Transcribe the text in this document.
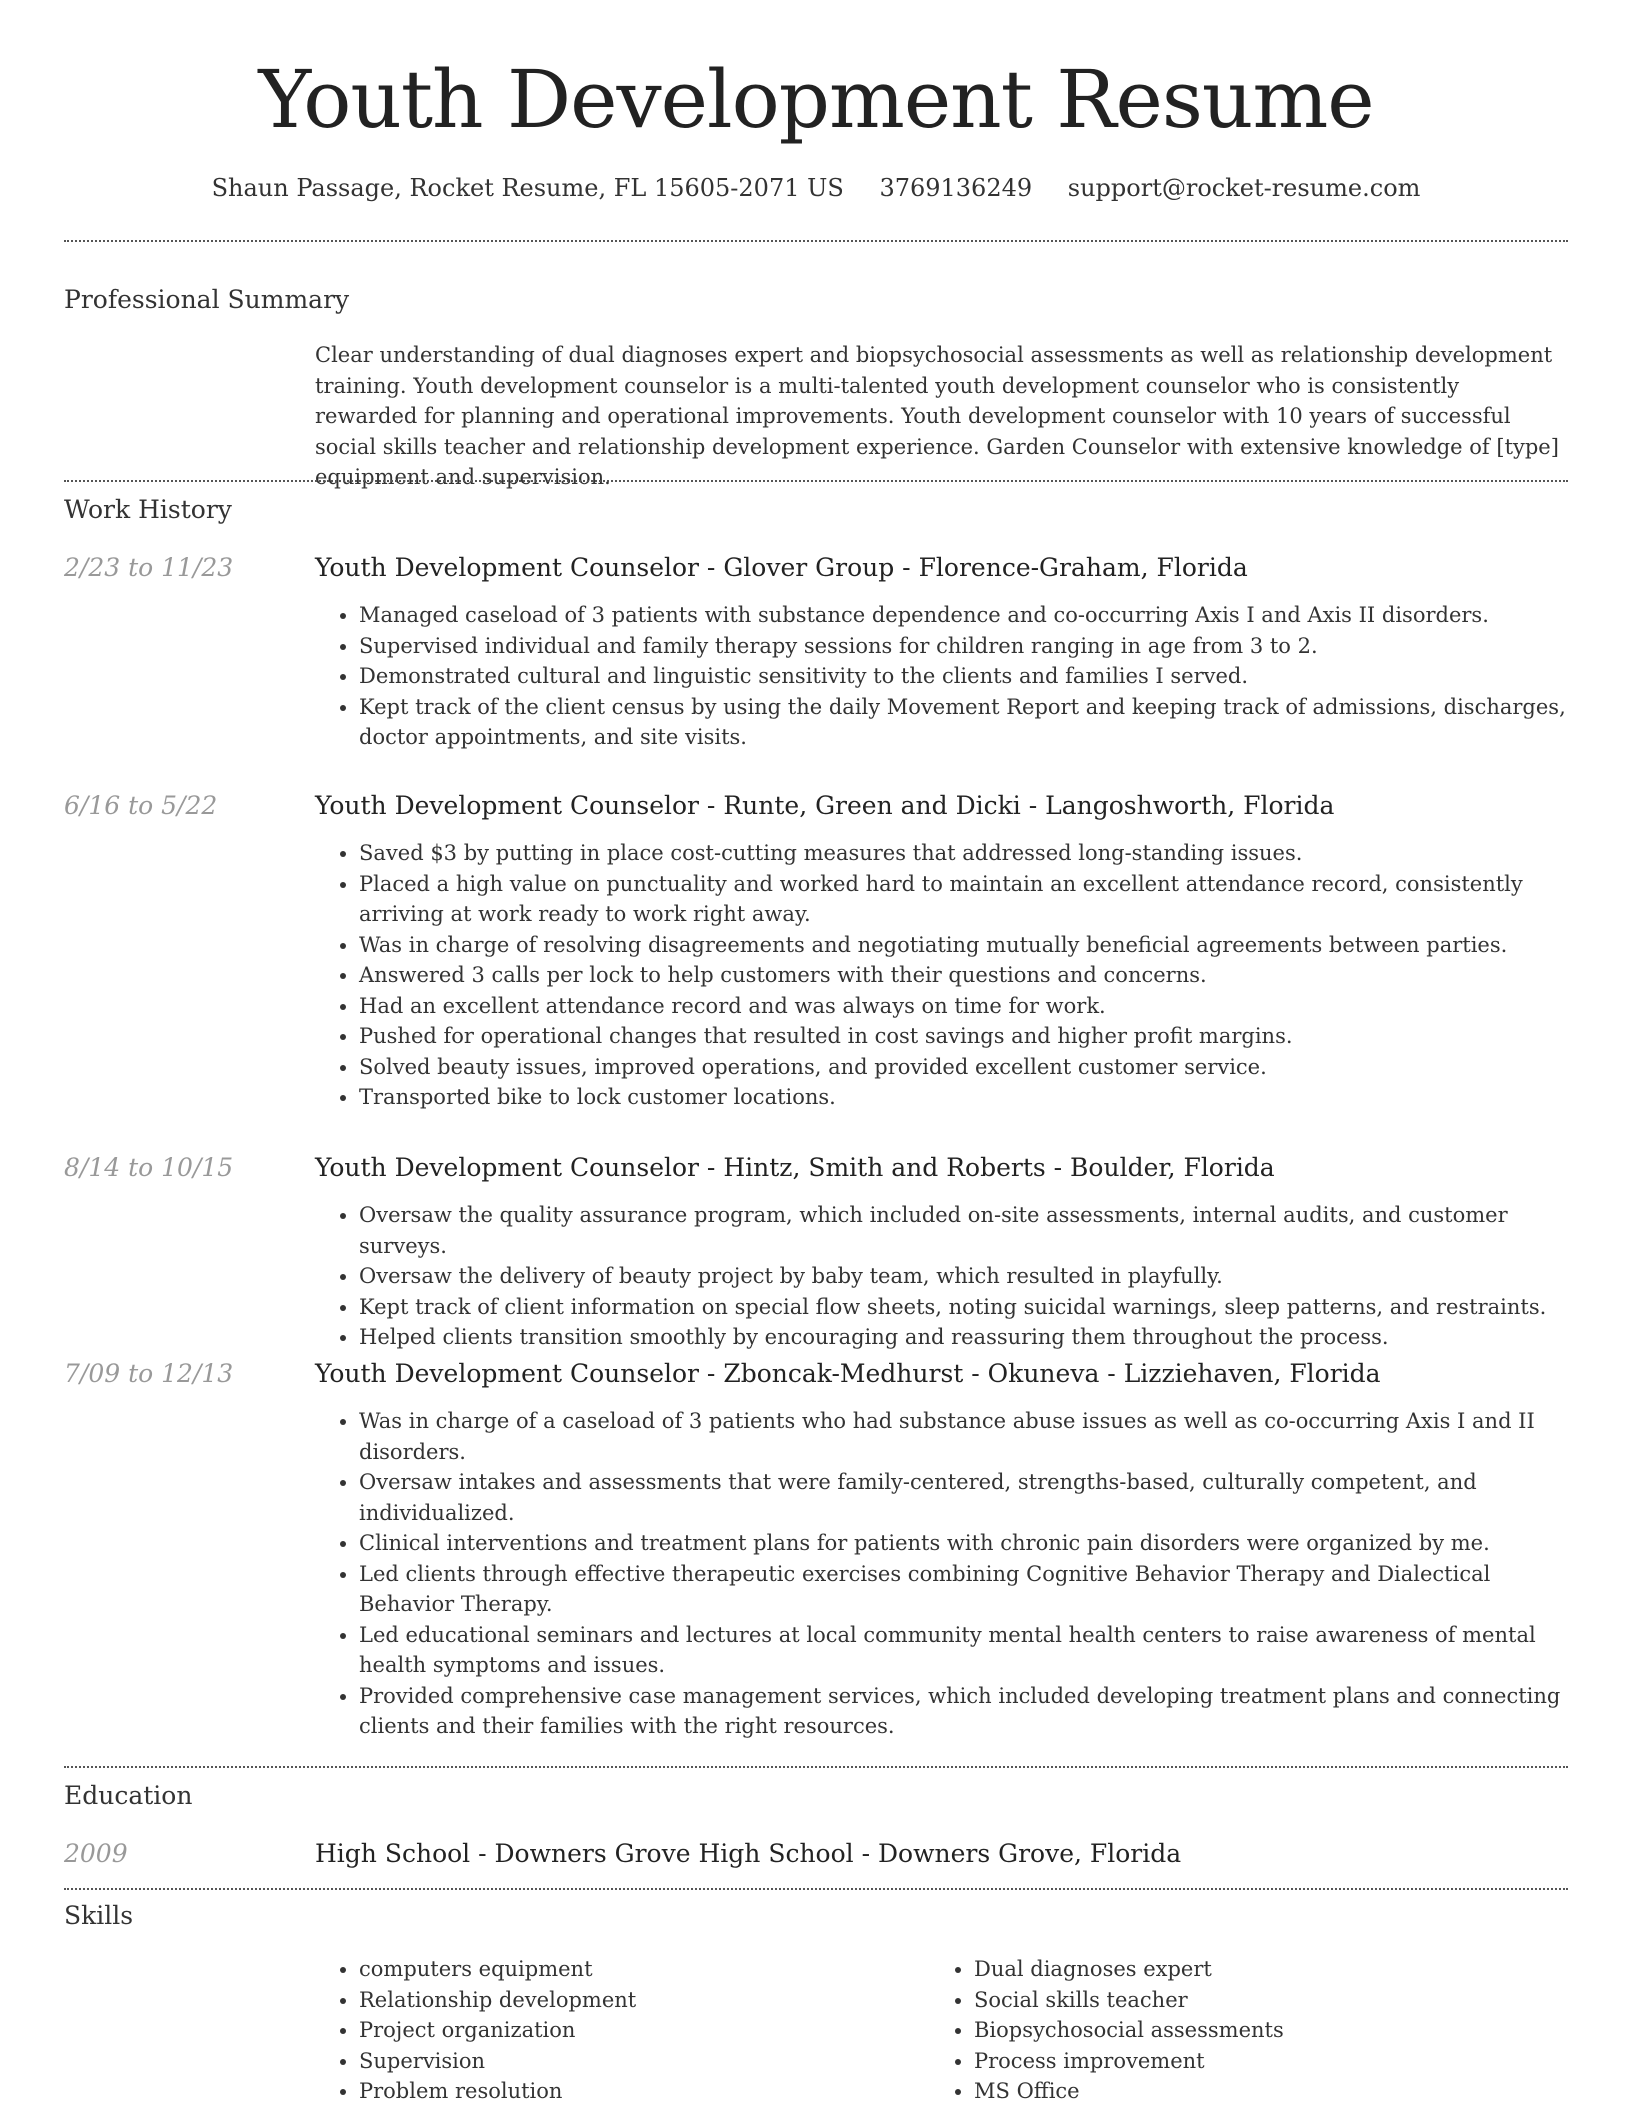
Youth Development Resume
Shaun Passage, Rocket Resume, FL 15605-2071 US 3769136249 support@rocket-resume.com
Professional Summary

Clear understanding of dual diagnoses expert and biopsychosocial assessments as well as relationship development training. Youth development counselor is a multi-talented youth development counselor who is consistently rewarded for planning and operational improvements. Youth development counselor with 10 years of successful social skills teacher and relationship development experience. Garden Counselor with extensive knowledge of [type] equipment and supervision.

Work History
2/23 to 11/23	Youth Development Counselor - Glover Group - Florence-Graham, Florida
• Managed caseload of 3 patients with substance dependence and co-occurring Axis I and Axis II disorders.
• Supervised individual and family therapy sessions for children ranging in age from 3 to 2.
• Demonstrated cultural and linguistic sensitivity to the clients and families I served.
• Kept track of the client census by using the daily Movement Report and keeping track of admissions, discharges, doctor appointments, and site visits.
6/16 to 5/22	Youth Development Counselor - Runte, Green and Dicki - Langoshworth, Florida
• Saved $3 by putting in place cost-cutting measures that addressed long-standing issues.
• Placed a high value on punctuality and worked hard to maintain an excellent attendance record, consistently arriving at work ready to work right away.
• Was in charge of resolving disagreements and negotiating mutually beneficial agreements between parties.
• Answered 3 calls per lock to help customers with their questions and concerns.
• Had an excellent attendance record and was always on time for work.
• Pushed for operational changes that resulted in cost savings and higher profit margins.
• Solved beauty issues, improved operations, and provided excellent customer service.
• Transported bike to lock customer locations.
8/14 to 10/15	Youth Development Counselor - Hintz, Smith and Roberts - Boulder, Florida
• Oversaw the quality assurance program, which included on-site assessments, internal audits, and customer surveys.
• Oversaw the delivery of beauty project by baby team, which resulted in playfully.
• Kept track of client information on special flow sheets, noting suicidal warnings, sleep patterns, and restraints.
• Helped clients transition smoothly by encouraging and reassuring them throughout the process.
7/09 to 12/13	Youth Development Counselor - Zboncak-Medhurst - Okuneva - Lizziehaven, Florida
• Was in charge of a caseload of 3 patients who had substance abuse issues as well as co-occurring Axis I and II disorders.
• Oversaw intakes and assessments that were family-centered, strengths-based, culturally competent, and individualized.
• Clinical interventions and treatment plans for patients with chronic pain disorders were organized by me.
• Led clients through effective therapeutic exercises combining Cognitive Behavior Therapy and Dialectical Behavior Therapy.
• Led educational seminars and lectures at local community mental health centers to raise awareness of mental health symptoms and issues.
• Provided comprehensive case management services, which included developing treatment plans and connecting clients and their families with the right resources.
Education
2009	High School - Downers Grove High School - Downers Grove, Florida
Skills
• computers equipment
• Relationship development
• Project organization
• Supervision
• Problem resolution
• Dual diagnoses expert
• Social skills teacher
• Biopsychosocial assessments
• Process improvement
• MS Office
